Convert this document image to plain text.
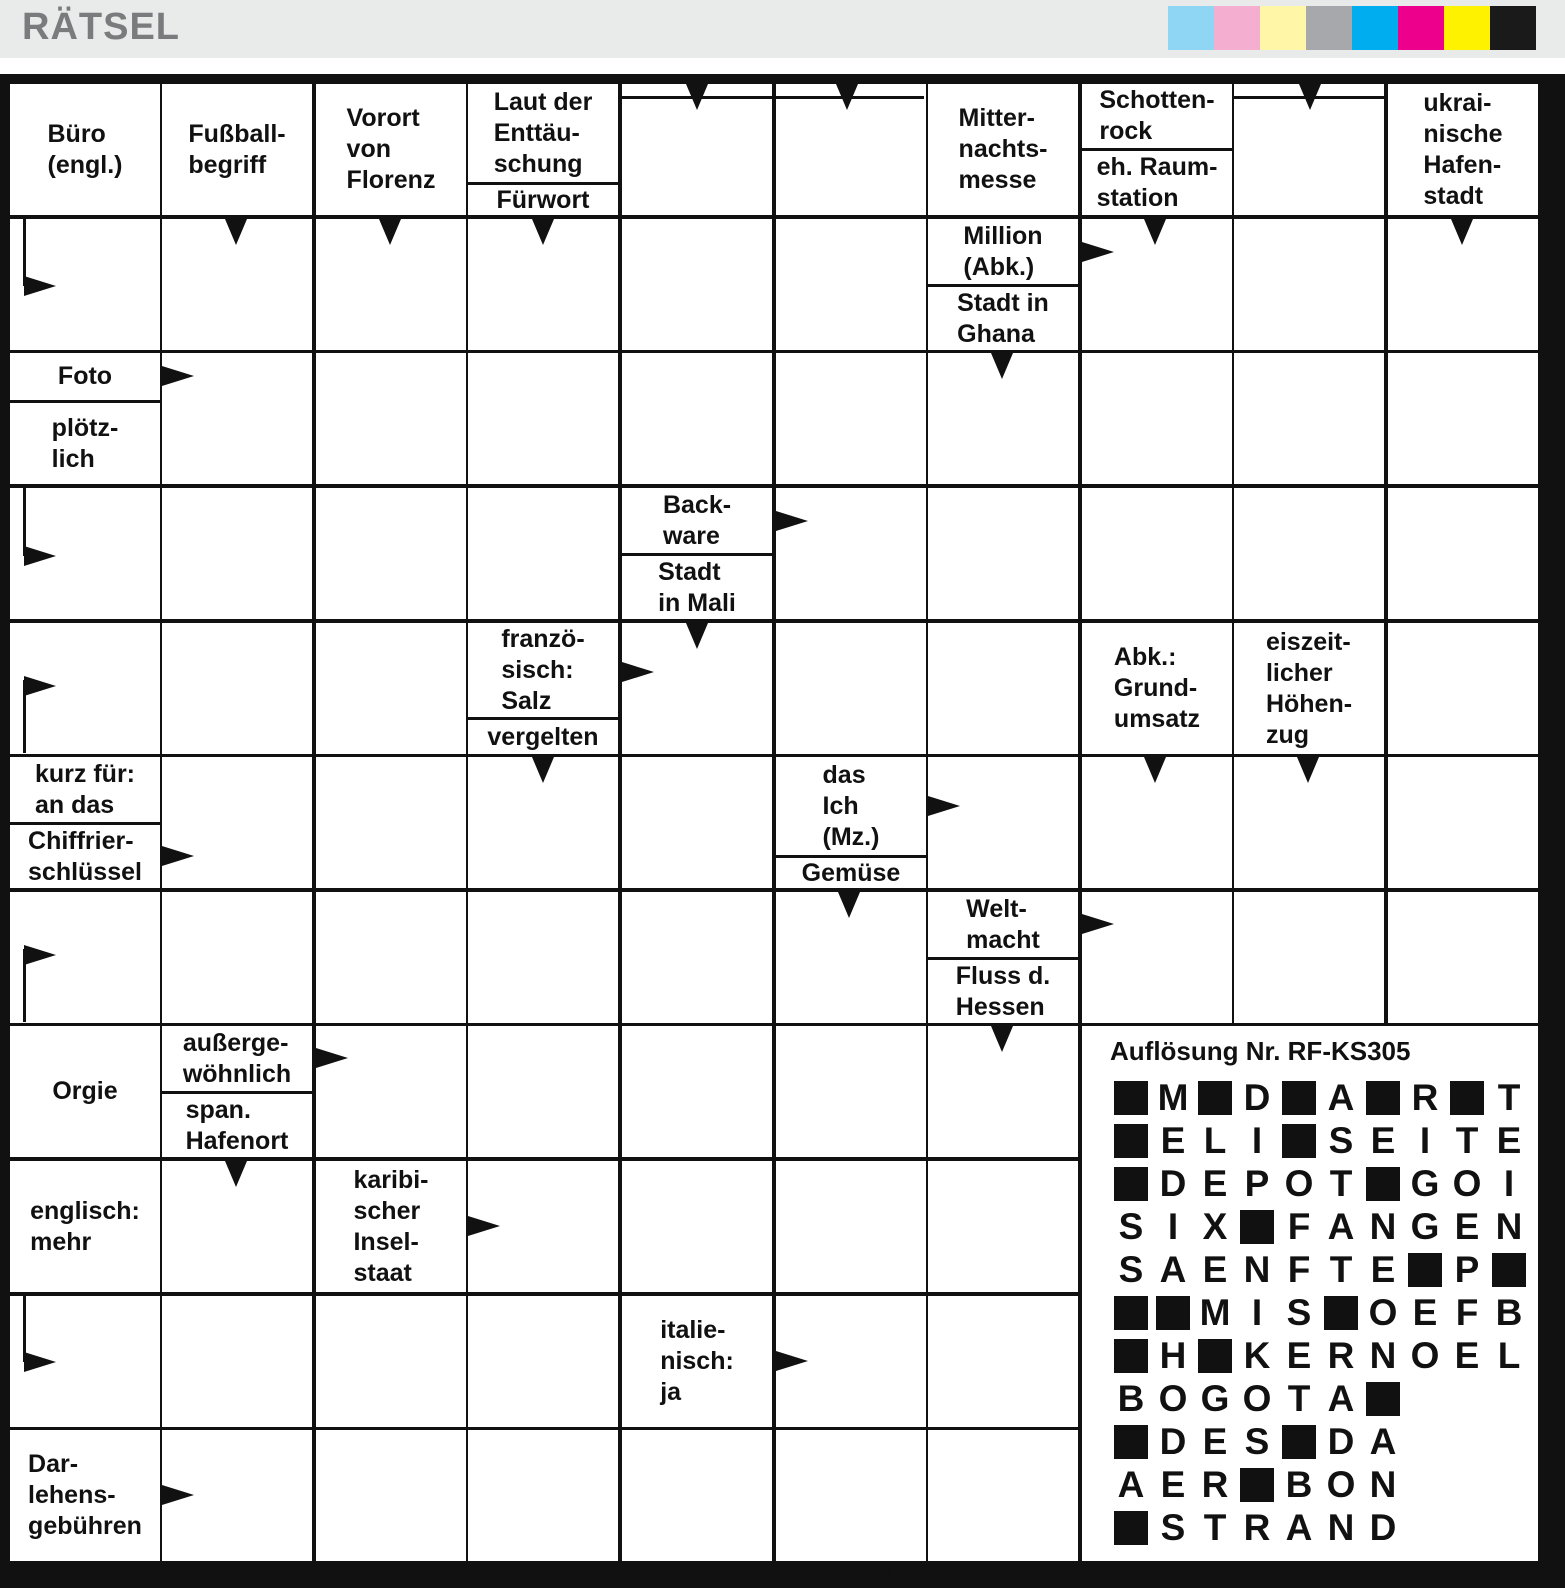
RÄTSEL
Auflösung Nr. RF-KS305
M D A R T
E L I	S E I T E
D E P O T G O I
S I X F A N G E N
S A E N F T E P
M I S O E F B
H K E R N O E L
B O G O T A
D E S D A
A E R B O N
S T R A N D
RF-KS306
Büro
(engl.)
Fußball-
begriff
Vorort
von
Florenz
Laut der
Enttäu-
schung
Fürwort
Mitter-
nachts-
messe
Schotten-
rock
eh. Raum-
station
ukrai-
nische
Hafen-
stadt
Million
(Abk.)
Stadt in
Ghana
Foto
plötz-
lich
Back-
ware
Stadt
in Mali
franzö-
sisch:
Salz
vergelten
Abk.:
Grund-
umsatz
eiszeit-
licher
Höhen-
zug
kurz für:
an das
Chiffrier-
schlüssel
das
Ich
(Mz.)
Gemüse
Welt-
macht
Fluss d.
Hessen
Orgie
außerge-
wöhnlich
span.
Hafenort
englisch:
mehr
karibi-
scher
Insel-
staat
italie-
nisch:
ja
Dar-
lehens-
gebühren
